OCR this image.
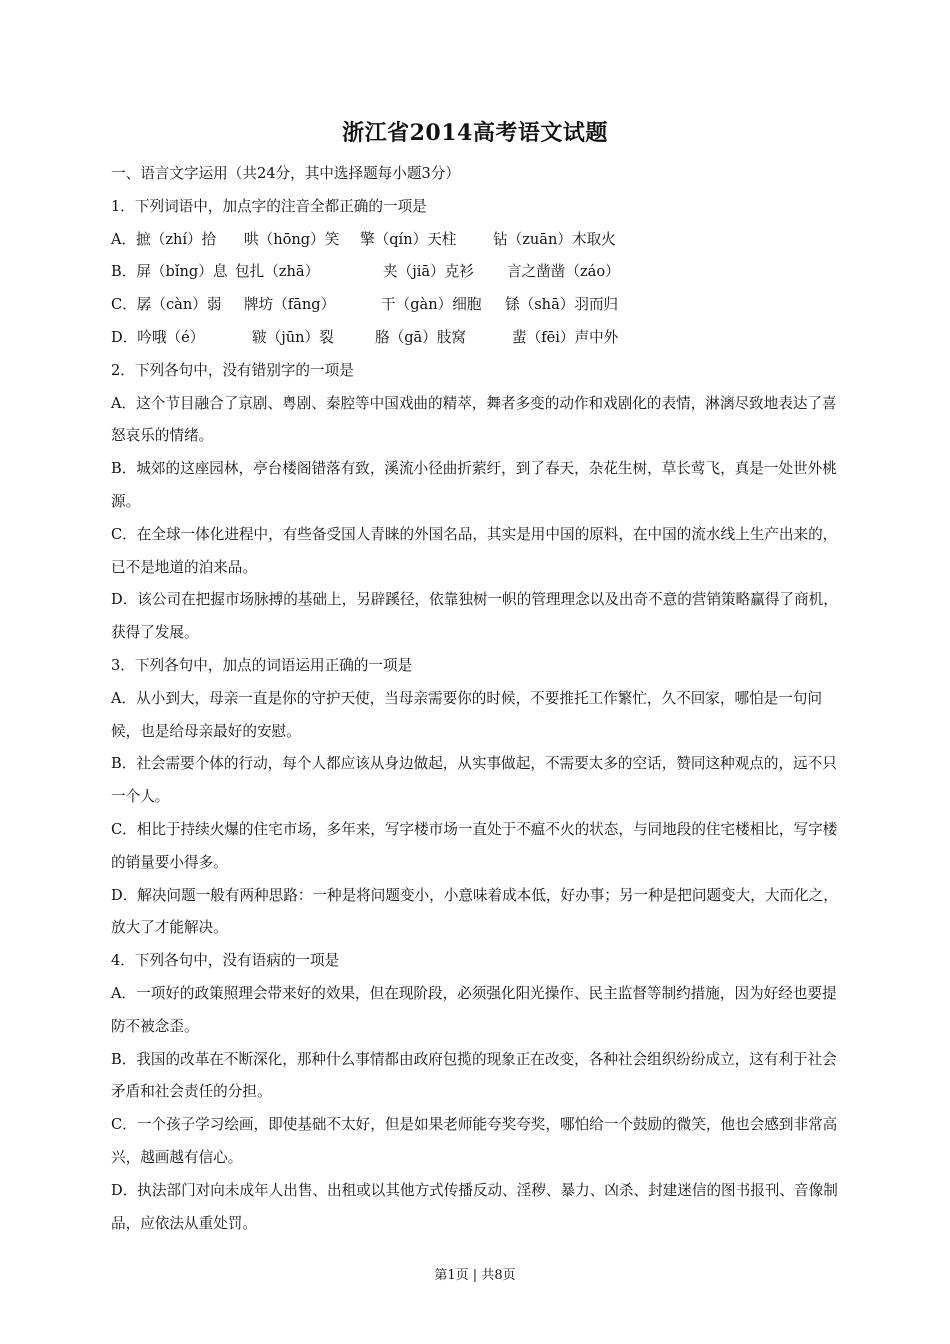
浙江省2014高考语文试题

一、语言文字运用（共24分，其中选择题每小题3分）

1．下列词语中，加点字的注音全都正确的一项是

A．摭（zhí）拾 哄（hōng）笑 擎（qín）天柱	钻（zuān）木取火

B．屏（bǐng）息 包扎（zhā）	夹（jiā）克衫 言之凿凿（záo）

C．孱（càn）弱 牌坊（fāng）	干（gàn）细胞 铩（shā）羽而归

D．吟哦（é）	皲（jūn）裂	胳（gā）肢窝	蜚（fēi）声中外

2．下列各句中，没有错别字的一项是

A．这个节目融合了京剧、粤剧、秦腔等中国戏曲的精萃，舞者多变的动作和戏剧化的表情，淋漓尽致地表达了喜怒哀乐的情绪。

B．城郊的这座园林，亭台楼阁错落有致，溪流小径曲折萦纡，到了春天，杂花生树，草长莺飞，真是一处世外桃源。

C．在全球一体化进程中，有些备受国人青睐的外国名品，其实是用中国的原料，在中国的流水线上生产出来的，已不是地道的泊来品。

D．该公司在把握市场脉搏的基础上，另辟蹊径，依靠独树一帜的管理理念以及出奇不意的营销策略赢得了商机，获得了发展。

3．下列各句中，加点的词语运用正确的一项是

A．从小到大，母亲一直是你的守护天使，当母亲需要你的时候，不要推托工作繁忙，久不回家，哪怕是一句问候，也是给母亲最好的安慰。

B．社会需要个体的行动，每个人都应该从身边做起，从实事做起，不需要太多的空话，赞同这种观点的，远不只一个人。

C．相比于持续火爆的住宅市场，多年来，写字楼市场一直处于不瘟不火的状态，与同地段的住宅楼相比，写字楼的销量要小得多。

D．解决问题一般有两种思路：一种是将问题变小，小意味着成本低，好办事；另一种是把问题变大，大而化之，放大了才能解决。

4．下列各句中，没有语病的一项是

A．一项好的政策照理会带来好的效果，但在现阶段，必须强化阳光操作、民主监督等制约措施，因为好经也要提防不被念歪。

B．我国的改革在不断深化，那种什么事情都由政府包揽的现象正在改变，各种社会组织纷纷成立，这有利于社会矛盾和社会责任的分担。

C．一个孩子学习绘画，即使基础不太好，但是如果老师能夸奖夸奖，哪怕给一个鼓励的微笑，他也会感到非常高兴，越画越有信心。

D．执法部门对向未成年人出售、出租或以其他方式传播反动、淫秽、暴力、凶杀、封建迷信的图书报刊、音像制品，应依法从重处罚。

第1页 | 共8页
